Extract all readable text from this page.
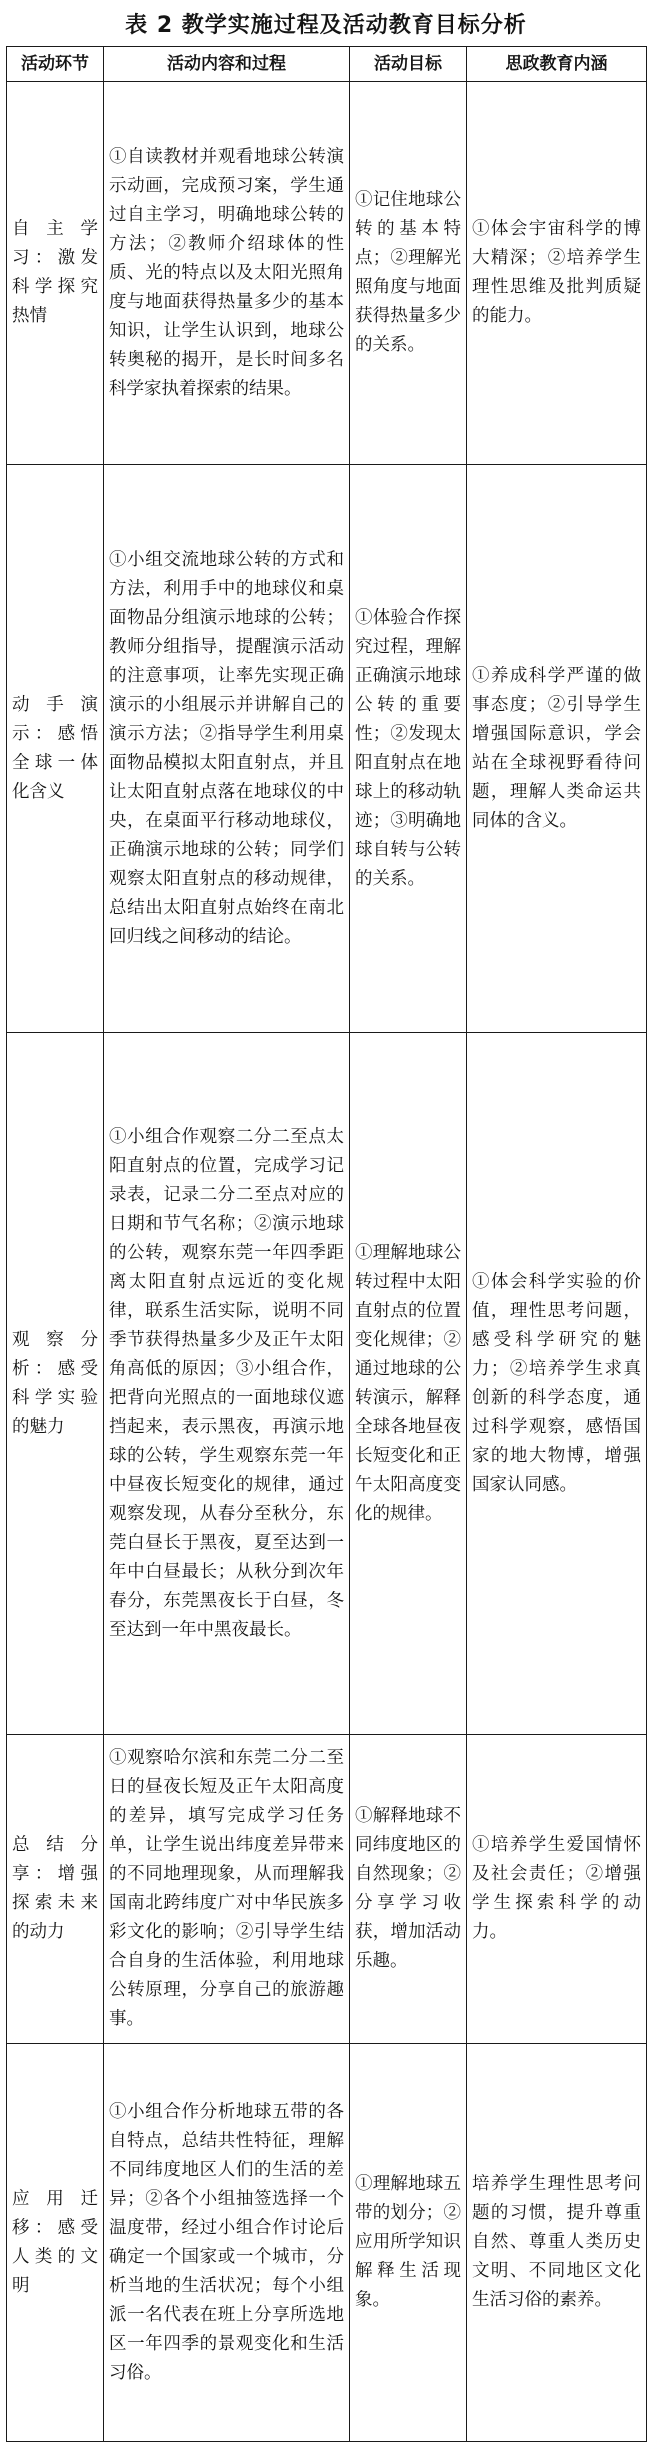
表 2 教学实施过程及活动教育目标分析
活动环节	活动内容和过程	活动目标	思政教育内涵
自主学习：激发科学探究热情	①自读教材并观看地球公转演示动画，完成预习案，学生通过自主学习，明确地球公转的方法；②教师介绍球体的性质、光的特点以及太阳光照角度与地面获得热量多少的基本知识，让学生认识到，地球公转奥秘的揭开，是长时间多名科学家执着探索的结果。	①记住地球公转的基本特点；②理解光照角度与地面获得热量多少的关系。	①体会宇宙科学的博大精深；②培养学生理性思维及批判质疑的能力。
动手演示：感悟全球一体化含义	①小组交流地球公转的方式和方法，利用手中的地球仪和桌面物品分组演示地球的公转；教师分组指导，提醒演示活动的注意事项，让率先实现正确演示的小组展示并讲解自己的演示方法；②指导学生利用桌面物品模拟太阳直射点，并且让太阳直射点落在地球仪的中央，在桌面平行移动地球仪，正确演示地球的公转；同学们观察太阳直射点的移动规律，总结出太阳直射点始终在南北回归线之间移动的结论。	①体验合作探究过程，理解正确演示地球公转的重要性；②发现太阳直射点在地球上的移动轨迹；③明确地球自转与公转的关系。	①养成科学严谨的做事态度；②引导学生增强国际意识，学会站在全球视野看待问题，理解人类命运共同体的含义。
观察分析：感受科学实验的魅力	①小组合作观察二分二至点太阳直射点的位置，完成学习记录表，记录二分二至点对应的日期和节气名称；②演示地球的公转，观察东莞一年四季距离太阳直射点远近的变化规律，联系生活实际，说明不同季节获得热量多少及正午太阳角高低的原因；③小组合作，把背向光照点的一面地球仪遮挡起来，表示黑夜，再演示地球的公转，学生观察东莞一年中昼夜长短变化的规律，通过观察发现，从春分至秋分，东莞白昼长于黑夜，夏至达到一年中白昼最长；从秋分到次年春分，东莞黑夜长于白昼，冬至达到一年中黑夜最长。	①理解地球公转过程中太阳直射点的位置变化规律；②通过地球的公转演示，解释全球各地昼夜长短变化和正午太阳高度变化的规律。	①体会科学实验的价值，理性思考问题，感受科学研究的魅力；②培养学生求真创新的科学态度，通过科学观察，感悟国家的地大物博，增强国家认同感。
总结分享：增强探索未来的动力	①观察哈尔滨和东莞二分二至日的昼夜长短及正午太阳高度的差异，填写完成学习任务单，让学生说出纬度差异带来的不同地理现象，从而理解我国南北跨纬度广对中华民族多彩文化的影响；②引导学生结合自身的生活体验，利用地球公转原理，分享自己的旅游趣事。	①解释地球不同纬度地区的自然现象；②分享学习收获，增加活动乐趣。	①培养学生爱国情怀及社会责任；②增强学生探索科学的动力。
应用迁移：感受人类的文明	①小组合作分析地球五带的各自特点，总结共性特征，理解不同纬度地区人们的生活的差异；②各个小组抽签选择一个温度带，经过小组合作讨论后确定一个国家或一个城市，分析当地的生活状况；每个小组派一名代表在班上分享所选地区一年四季的景观变化和生活习俗。	①理解地球五带的划分；②应用所学知识解释生活现象。	培养学生理性思考问题的习惯，提升尊重自然、尊重人类历史文明、不同地区文化生活习俗的素养。
